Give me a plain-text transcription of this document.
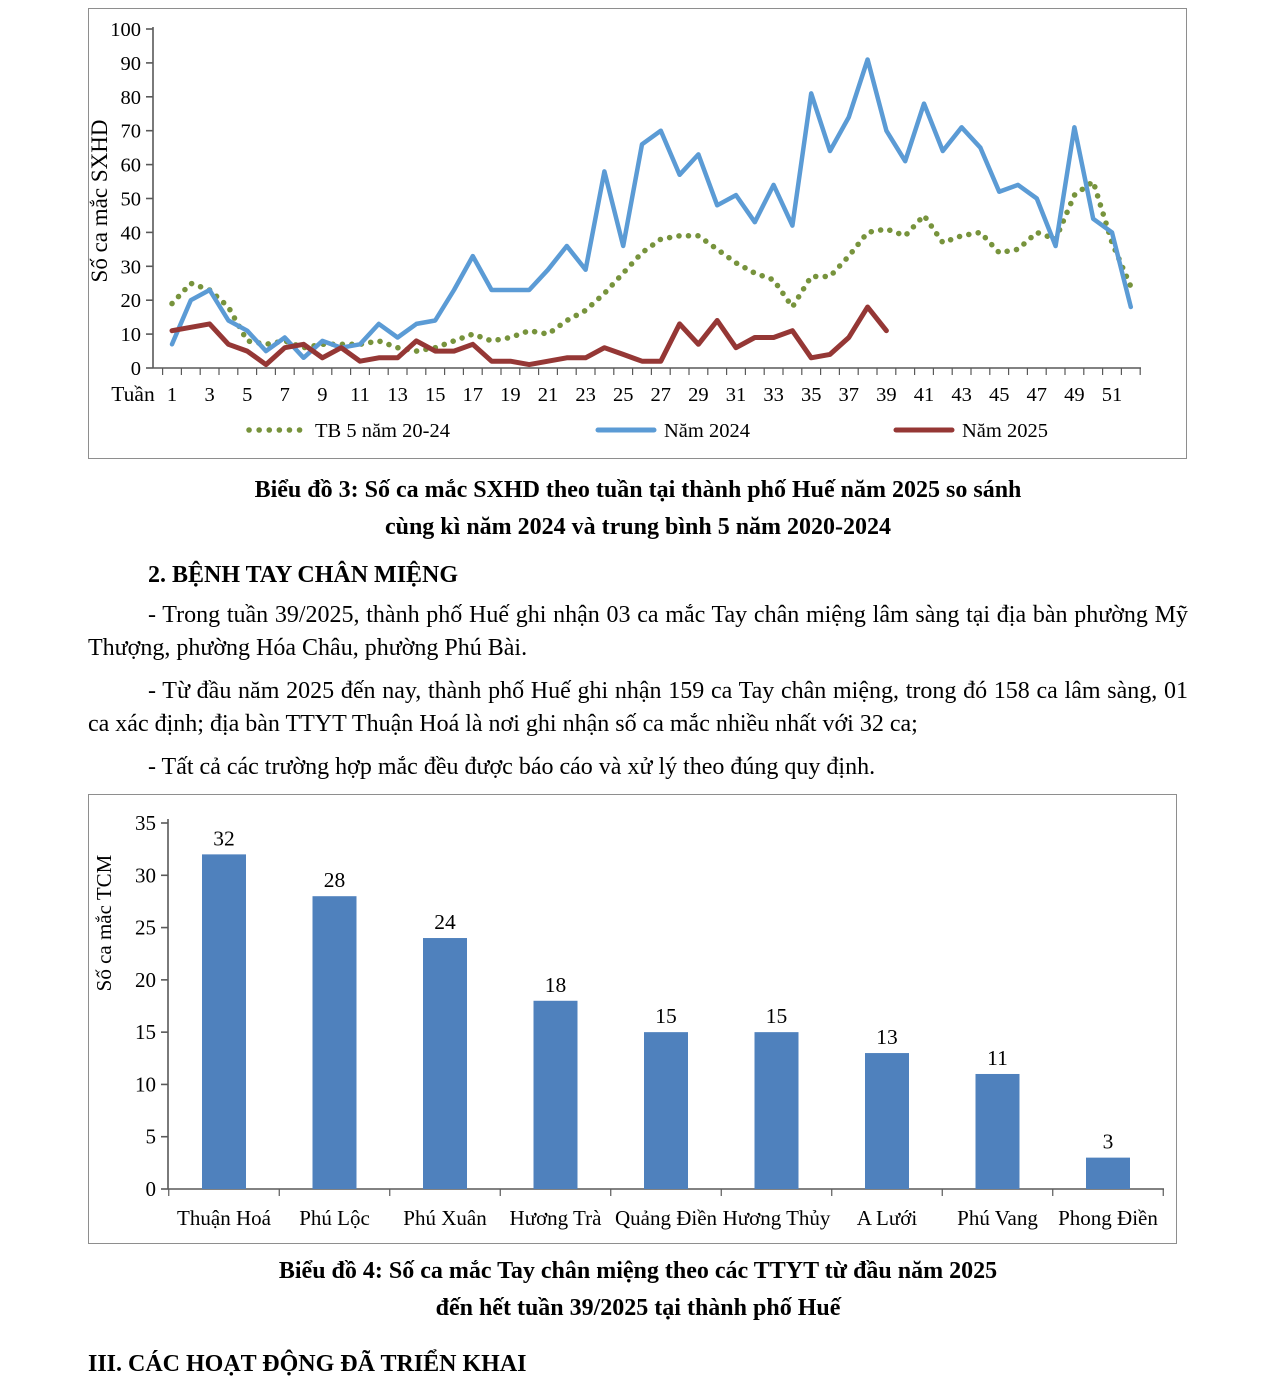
0
10
20
30
40
50
60
70
80
90
100
1 3 5 7 9 11 13 15 17 19 21 23 25 27 29 31 33 35 37 39 41 43 45 47 49 51
Tuần
Số ca mắc SXHD
TB 5 năm 20-24	Năm 2024	Năm 2025
Biểu đồ 3: Số ca mắc SXHD theo tuần tại thành phố Huế năm 2025 so sánh
cùng kì năm 2024 và trung bình 5 năm 2020-2024
2. BỆNH TAY CHÂN MIỆNG

- Trong tuần 39/2025, thành phố Huế ghi nhận 03 ca mắc Tay chân miệng lâm sàng tại địa bàn phường Mỹ Thượng, phường Hóa Châu, phường Phú Bài.

- Từ đầu năm 2025 đến nay, thành phố Huế ghi nhận 159 ca Tay chân miệng, trong đó 158 ca lâm sàng, 01 ca xác định; địa bàn TTYT Thuận Hoá là nơi ghi nhận số ca mắc nhiều nhất với 32 ca;

- Tất cả các trường hợp mắc đều được báo cáo và xử lý theo đúng quy định.

0
5
10
15
20
25
30
35
Số ca mắc TCM
32
Thuận Hoá
28
Phú Lộc
24
Phú Xuân
18
Hương Trà
15
Quảng Điền
15
Hương Thủy
13
A Lưới
11
Phú Vang
3
Phong Điền
Biểu đồ 4: Số ca mắc Tay chân miệng theo các TTYT từ đầu năm 2025
đến hết tuần 39/2025 tại thành phố Huế
III. CÁC HOẠT ĐỘNG ĐÃ TRIỂN KHAI
